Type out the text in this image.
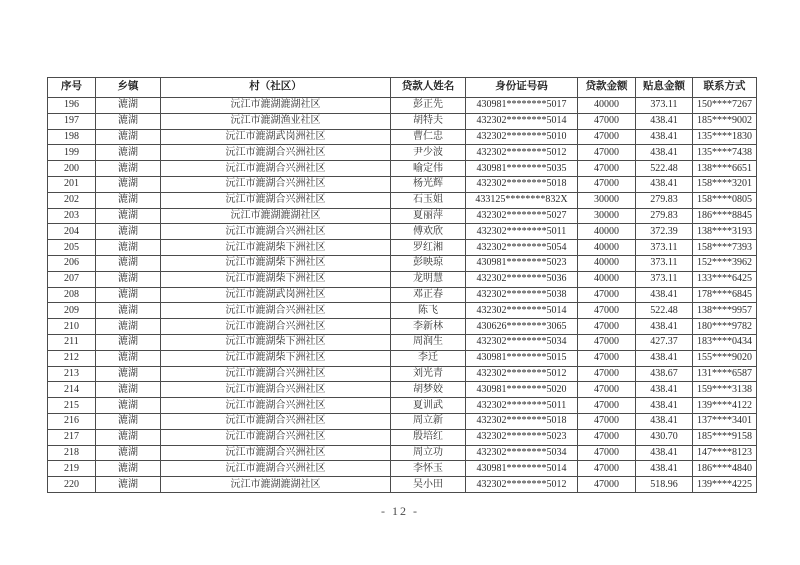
序号	乡镇	村（社区）	贷款人姓名	身份证号码	贷款金额	贴息金额	联系方式
196	漉湖	沅江市漉湖漉湖社区	彭正先	430981********5017	40000	373.11	150****7267
197	漉湖	沅江市漉湖渔业社区	胡特夫	432302********5014	47000	438.41	185****9002
198	漉湖	沅江市漉湖武岗洲社区	曹仁忠	432302********5010	47000	438.41	135****1830
199	漉湖	沅江市漉湖合兴洲社区	尹少波	432302********5012	47000	438.41	135****7438
200	漉湖	沅江市漉湖合兴洲社区	喻定伟	430981********5035	47000	522.48	138****6651
201	漉湖	沅江市漉湖合兴洲社区	杨光辉	432302********5018	47000	438.41	158****3201
202	漉湖	沅江市漉湖合兴洲社区	石玉姐	433125********832X	30000	279.83	158****0805
203	漉湖	沅江市漉湖漉湖社区	夏丽萍	432302********5027	30000	279.83	186****8845
204	漉湖	沅江市漉湖合兴洲社区	傅欢欣	432302********5011	40000	372.39	138****3193
205	漉湖	沅江市漉湖柴下洲社区	罗红湘	432302********5054	40000	373.11	158****7393
206	漉湖	沅江市漉湖柴下洲社区	彭映琼	430981********5023	40000	373.11	152****3962
207	漉湖	沅江市漉湖柴下洲社区	龙明慧	432302********5036	40000	373.11	133****6425
208	漉湖	沅江市漉湖武岗洲社区	邓正春	432302********5038	47000	438.41	178****6845
209	漉湖	沅江市漉湖合兴洲社区	陈飞	432302********5014	47000	522.48	138****9957
210	漉湖	沅江市漉湖合兴洲社区	李新林	430626********3065	47000	438.41	180****9782
211	漉湖	沅江市漉湖柴下洲社区	周润生	432302********5034	47000	427.37	183****0434
212	漉湖	沅江市漉湖柴下洲社区	李迁	430981********5015	47000	438.41	155****9020
213	漉湖	沅江市漉湖合兴洲社区	刘光青	432302********5012	47000	438.67	131****6587
214	漉湖	沅江市漉湖合兴洲社区	胡梦姣	430981********5020	47000	438.41	159****3138
215	漉湖	沅江市漉湖合兴洲社区	夏训武	432302********5011	47000	438.41	139****4122
216	漉湖	沅江市漉湖合兴洲社区	周立新	432302********5018	47000	438.41	137****3401
217	漉湖	沅江市漉湖合兴洲社区	殷培红	432302********5023	47000	430.70	185****9158
218	漉湖	沅江市漉湖合兴洲社区	周立功	432302********5034	47000	438.41	147****8123
219	漉湖	沅江市漉湖合兴洲社区	李怀玉	430981********5014	47000	438.41	186****4840
220	漉湖	沅江市漉湖漉湖社区	吴小田	432302********5012	47000	518.96	139****4225
- 12 -
